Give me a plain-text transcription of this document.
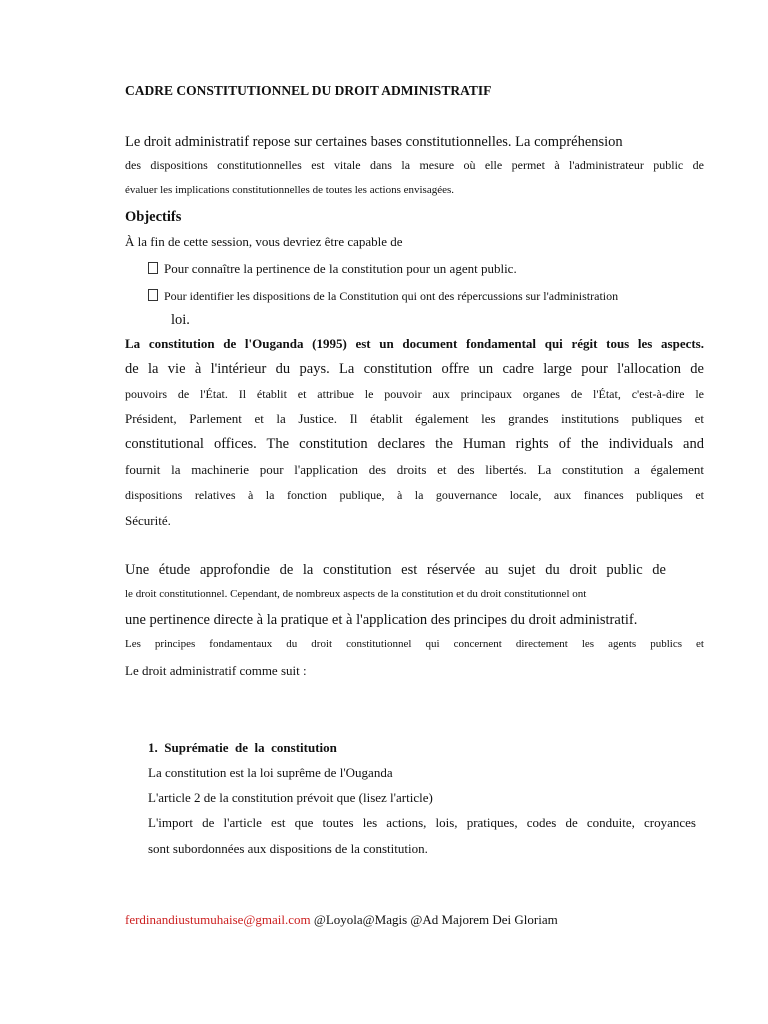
CADRE CONSTITUTIONNEL DU DROIT ADMINISTRATIF
Le droit administratif repose sur certaines bases constitutionnelles. La compréhension
des dispositions constitutionnelles est vitale dans la mesure où elle permet à l'administrateur public de
évaluer les implications constitutionnelles de toutes les actions envisagées.
Objectifs
À la fin de cette session, vous devriez être capable de
Pour connaître la pertinence de la constitution pour un agent public.
Pour identifier les dispositions de la Constitution qui ont des répercussions sur l'administration
loi.
La constitution de l'Ouganda (1995) est un document fondamental qui régit tous les aspects.
de la vie à l'intérieur du pays. La constitution offre un cadre large pour l'allocation de
pouvoirs de l'État. Il établit et attribue le pouvoir aux principaux organes de l'État, c'est-à-dire le
Président, Parlement et la Justice. Il établit également les grandes institutions publiques et
constitutional offices. The constitution declares the Human rights of the individuals and
fournit la machinerie pour l'application des droits et des libertés. La constitution a également
dispositions relatives à la fonction publique, à la gouvernance locale, aux finances publiques et
Sécurité.
Une étude approfondie de la constitution est réservée au sujet du droit public de
le droit constitutionnel. Cependant, de nombreux aspects de la constitution et du droit constitutionnel ont
une pertinence directe à la pratique et à l'application des principes du droit administratif.
Les principes fondamentaux du droit constitutionnel qui concernent directement les agents publics et
Le droit administratif comme suit :
1.  Suprématie  de  la  constitution
La constitution est la loi suprême de l'Ouganda
L'article 2 de la constitution prévoit que (lisez l'article)
L'import de l'article est que toutes les actions, lois, pratiques, codes de conduite, croyances
sont subordonnées aux dispositions de la constitution.
ferdinandiustumuhaise@gmail.com @Loyola@Magis @Ad Majorem Dei Gloriam
